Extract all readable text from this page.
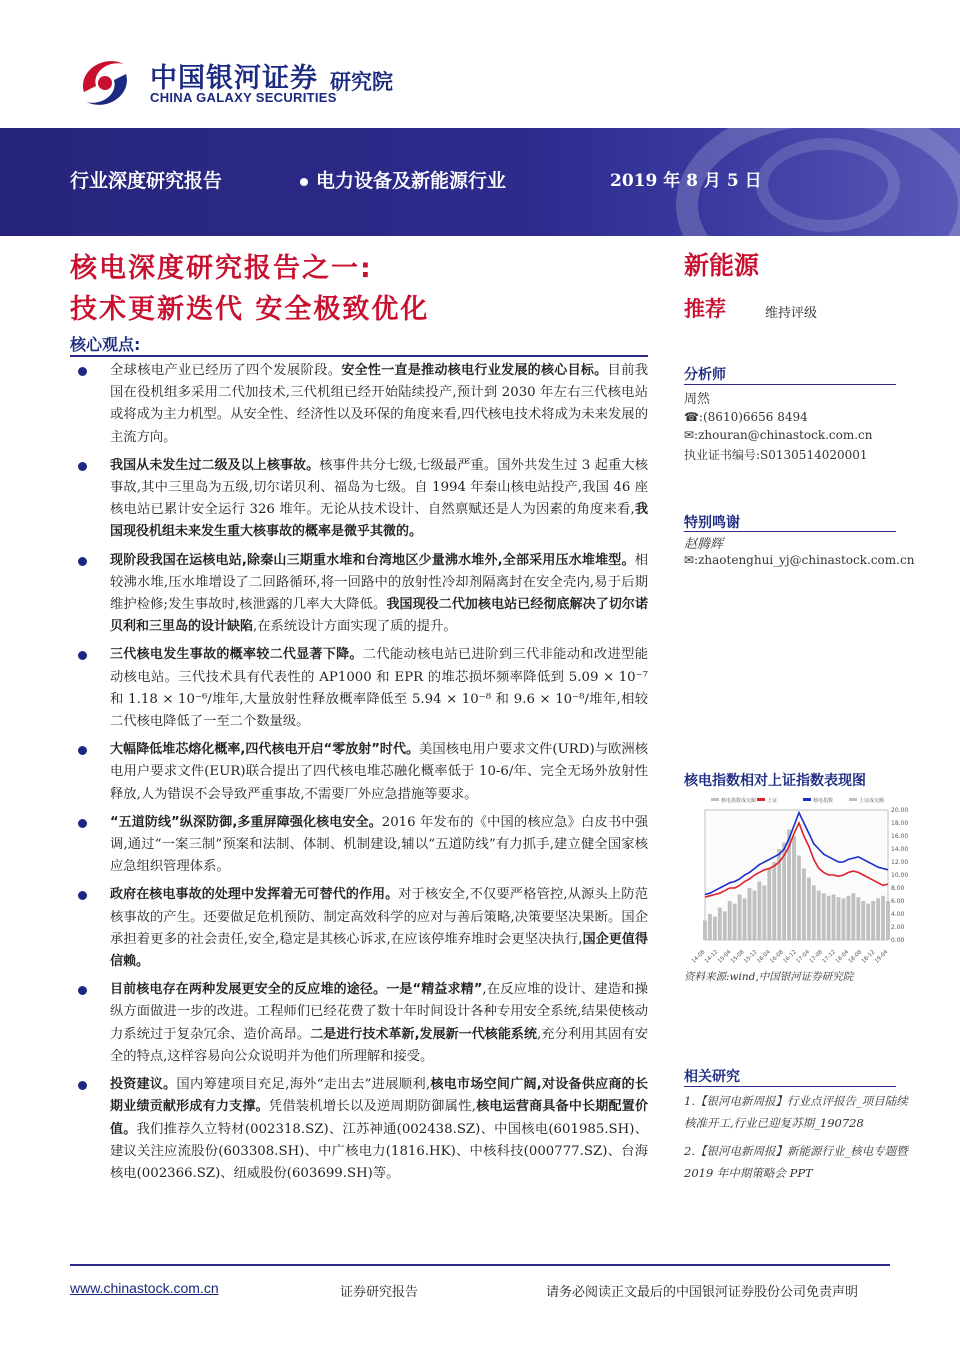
中国银河证券
CHINA GALAXY SECURITIES
研究院
行业深度研究报告	电力设备及新能源行业	2019 年 8 月 5 日
核电深度研究报告之一:
技术更新迭代 安全极致优化
新能源
推荐	维持评级
核心观点:
全球核电产业已经历了四个发展阶段。安全性一直是推动核电行业发展的核心目标。目前我国在役机组多采用二代加技术,三代机组已经开始陆续投产,预计到 2030 年左右三代核电站或将成为主力机型。从安全性、经济性以及环保的角度来看,四代核电技术将成为未来发展的主流方向。
我国从未发生过二级及以上核事故。核事件共分七级,七级最严重。国外共发生过 3 起重大核事故,其中三里岛为五级,切尔诺贝利、福岛为七级。自 1994 年秦山核电站投产,我国 46 座核电站已累计安全运行 326 堆年。无论从技术设计、自然禀赋还是人为因素的角度来看,我国现役机组未来发生重大核事故的概率是微乎其微的。
现阶段我国在运核电站,除秦山三期重水堆和台湾地区少量沸水堆外,全部采用压水堆堆型。相较沸水堆,压水堆增设了二回路循环,将一回路中的放射性冷却剂隔离封在安全壳内,易于后期维护检修;发生事故时,核泄露的几率大大降低。我国现役二代加核电站已经彻底解决了切尔诺贝利和三里岛的设计缺陷,在系统设计方面实现了质的提升。
三代核电发生事故的概率较二代显著下降。二代能动核电站已进阶到三代非能动和改进型能动核电站。三代技术具有代表性的 AP1000 和 EPR 的堆芯损坏频率降低到 5.09 × 10⁻⁷ 和 1.18 × 10⁻⁶/堆年,大量放射性释放概率降低至 5.94 × 10⁻⁸ 和 9.6 × 10⁻⁸/堆年,相较二代核电降低了一至二个数量级。
大幅降低堆芯熔化概率,四代核电开启“零放射”时代。美国核电用户要求文件(URD)与欧洲核电用户要求文件(EUR)联合提出了四代核电堆芯融化概率低于 10-6/年、完全无场外放射性释放,人为错误不会导致严重事故,不需要厂外应急措施等要求。
“五道防线”纵深防御,多重屏障强化核电安全。2016 年发布的《中国的核应急》白皮书中强调,通过“一案三制”预案和法制、体制、机制建设,辅以“五道防线”有力抓手,建立健全国家核应急组织管理体系。
政府在核电事故的处理中发挥着无可替代的作用。对于核安全,不仅要严格管控,从源头上防范核事故的产生。还要做足危机预防、制定高效科学的应对与善后策略,决策要坚决果断。国企承担着更多的社会责任,安全,稳定是其核心诉求,在应该停堆弃堆时会更坚决执行,国企更值得信赖。
目前核电存在两种发展更安全的反应堆的途径。一是“精益求精”,在反应堆的设计、建造和操纵方面做进一步的改进。工程师们已经花费了数十年时间设计各种专用安全系统,结果使核动力系统过于复杂冗余、造价高昂。二是进行技术革新,发展新一代核能系统,充分利用其固有安全的特点,这样容易向公众说明并为他们所理解和接受。
投资建议。国内筹建项目充足,海外“走出去”进展顺利,核电市场空间广阔,对设备供应商的长期业绩贡献形成有力支撑。凭借装机增长以及逆周期防御属性,核电运营商具备中长期配置价值。我们推荐久立特材(002318.SZ)、江苏神通(002438.SZ)、中国核电(601985.SH)、建议关注应流股份(603308.SH)、中广核电力(1816.HK)、中核科技(000777.SZ)、台海核电(002366.SZ)、纽威股份(603699.SH)等。
分析师
周然
☎:(8610)6656 8494
✉:zhouran@chinastock.com.cn
执业证书编号:S0130514020001
特别鸣谢
赵腾辉
✉:zhaotenghui_yj@chinastock.com.cn
核电指数相对上证指数表现图
核电指数成交额 上证	核电指数	上证成交额
20.00
18.00
16.00
14.00
12.00
10.00
8.00
6.00
4.00
2.00
0.00
14-08
14-12
15-04
15-08
15-12
16-04
16-08
16-12
17-04
17-08
17-12
18-04
18-08
18-12
19-04
资料来源:wind,中国银河证券研究院
相关研究
1.【银河电新周报】行业点评报告_项目陆续核准开工,行业已迎复苏期_190728
2.【银河电新周报】新能源行业_核电专题暨 2019 年中期策略会 PPT
www.chinastock.com.cn	证券研究报告	请务必阅读正文最后的中国银河证券股份公司免责声明
